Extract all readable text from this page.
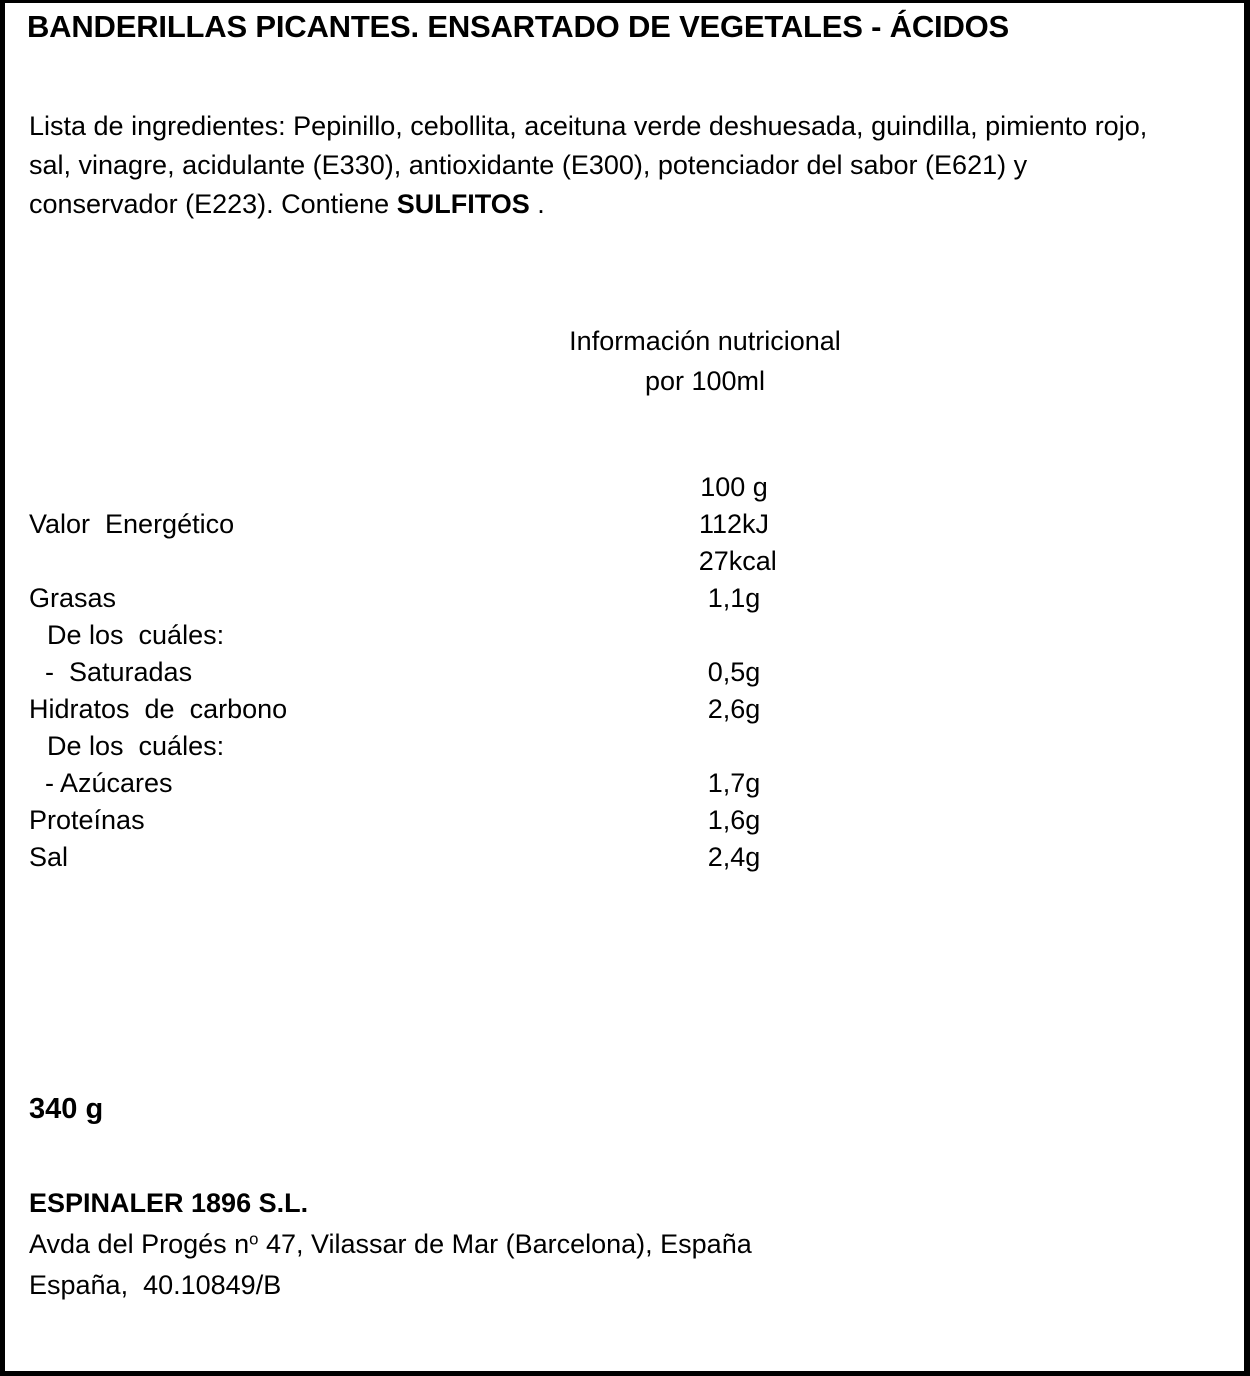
BANDERILLAS PICANTES. ENSARTADO DE VEGETALES - ÁCIDOS
Lista de ingredientes: Pepinillo, cebollita, aceituna verde deshuesada, guindilla, pimiento rojo, sal, vinagre, acidulante (E330), antioxidante (E300), potenciador del sabor (E621) y conservador (E223). Contiene SULFITOS .
Información nutricional
por 100ml
100 g
Valor  Energético	112kJ
27kcal
Grasas	1,1g
De los  cuáles:
-  Saturadas	0,5g
Hidratos  de  carbono	2,6g
De los  cuáles:
- Azúcares	1,7g
Proteínas	1,6g
Sal	2,4g
340 g
ESPINALER 1896 S.L.
Avda del Progés $n^o$ 47, Vilassar de Mar (Barcelona), España
España,  40.10849/B
